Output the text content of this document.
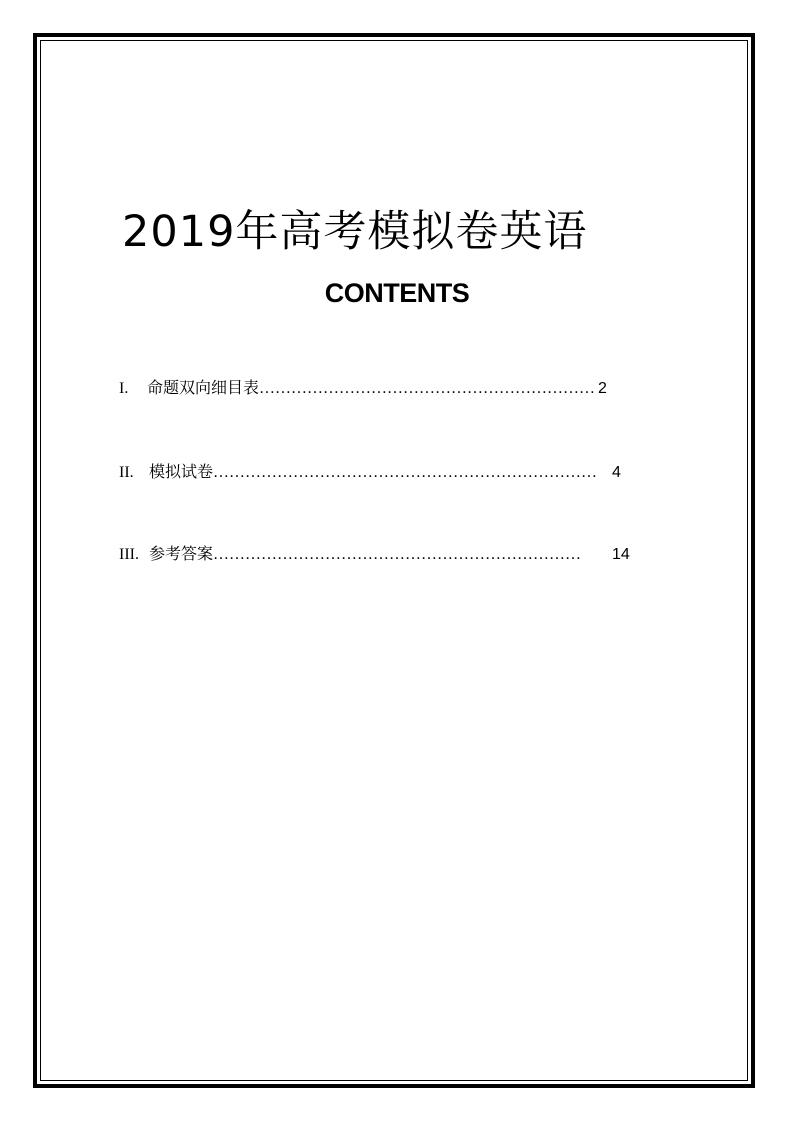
2019年高考模拟卷英语
CONTENTS
I.	命题双向细目表 ……………………………………………………… 2
II. 模拟试卷 ……………………………………………………………… 4
III. 参考答案 ……………………………………………………………	14
